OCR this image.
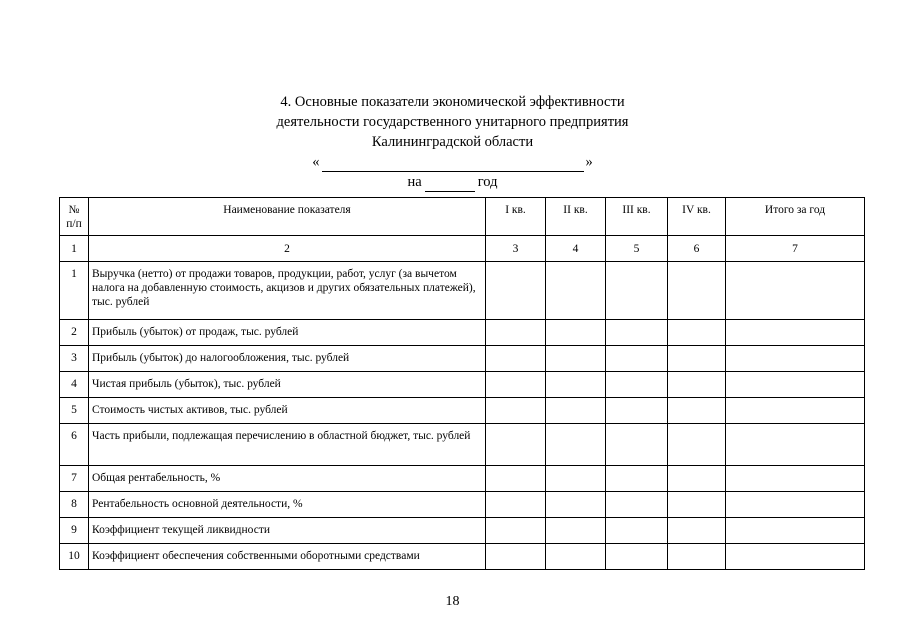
4. Основные показатели экономической эффективности
деятельности государственного унитарного предприятия
Калининградской области
«	»
на	год
№ п/п	Наименование показателя	I кв.	II кв.	III кв.	IV кв.	Итого за год
1	2	3	4	5	6	7
1	Выручка (нетто) от продажи товаров, продукции, работ, услуг (за вычетом налога на добавленную стоимость, акцизов и других обязательных платежей), тыс. рублей					
2	Прибыль (убыток) от продаж, тыс. рублей					
3	Прибыль (убыток) до налогообложения, тыс. рублей					
4	Чистая прибыль (убыток), тыс. рублей					
5	Стоимость чистых активов, тыс. рублей					
6	Часть прибыли, подлежащая перечислению в областной бюджет, тыс. рублей					
7	Общая рентабельность, %					
8	Рентабельность основной деятельности, %					
9	Коэффициент текущей ликвидности					
10	Коэффициент обеспечения собственными оборотными средствами					
18
